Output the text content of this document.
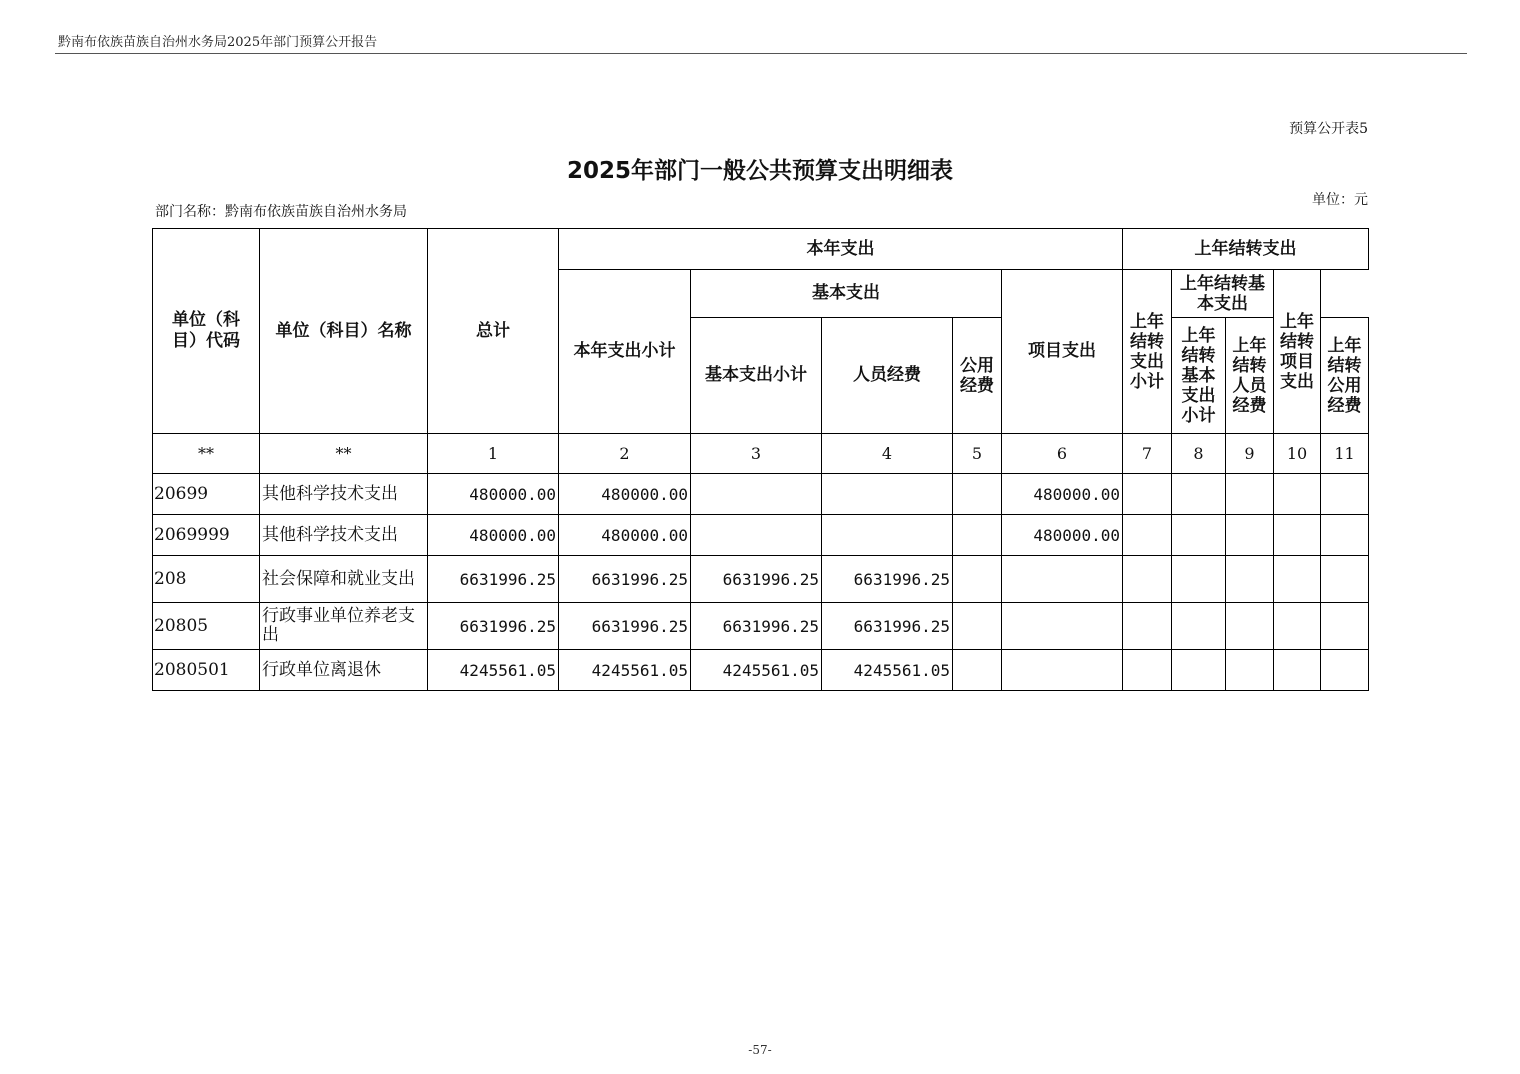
黔南布依族苗族自治州水务局2025年部门预算公开报告
预算公开表5
2025年部门一般公共预算支出明细表
单位：元
部门名称：黔南布依族苗族自治州水务局
单位（科目）代码	单位（科目）名称	总计	本年支出					上年结转支出				
			本年支出小计	基本支出			项目支出	上年结转支出小计	上年结转基本支出		上年结转项目支出	
				基本支出小计	人员经费	公用经费			上年结转基本支出小计	上年结转人员经费		上年结转公用经费
**	**	1	2	3	4	5	6	7	8	9	10	11
20699	其他科学技术支出	480000.00	480000.00				480000.00					
2069999	其他科学技术支出	480000.00	480000.00				480000.00					
208	社会保障和就业支出	6631996.25	6631996.25	6631996.25	6631996.25							
20805	行政事业单位养老支出	6631996.25	6631996.25	6631996.25	6631996.25							
2080501	行政单位离退休	4245561.05	4245561.05	4245561.05	4245561.05							
-57-
